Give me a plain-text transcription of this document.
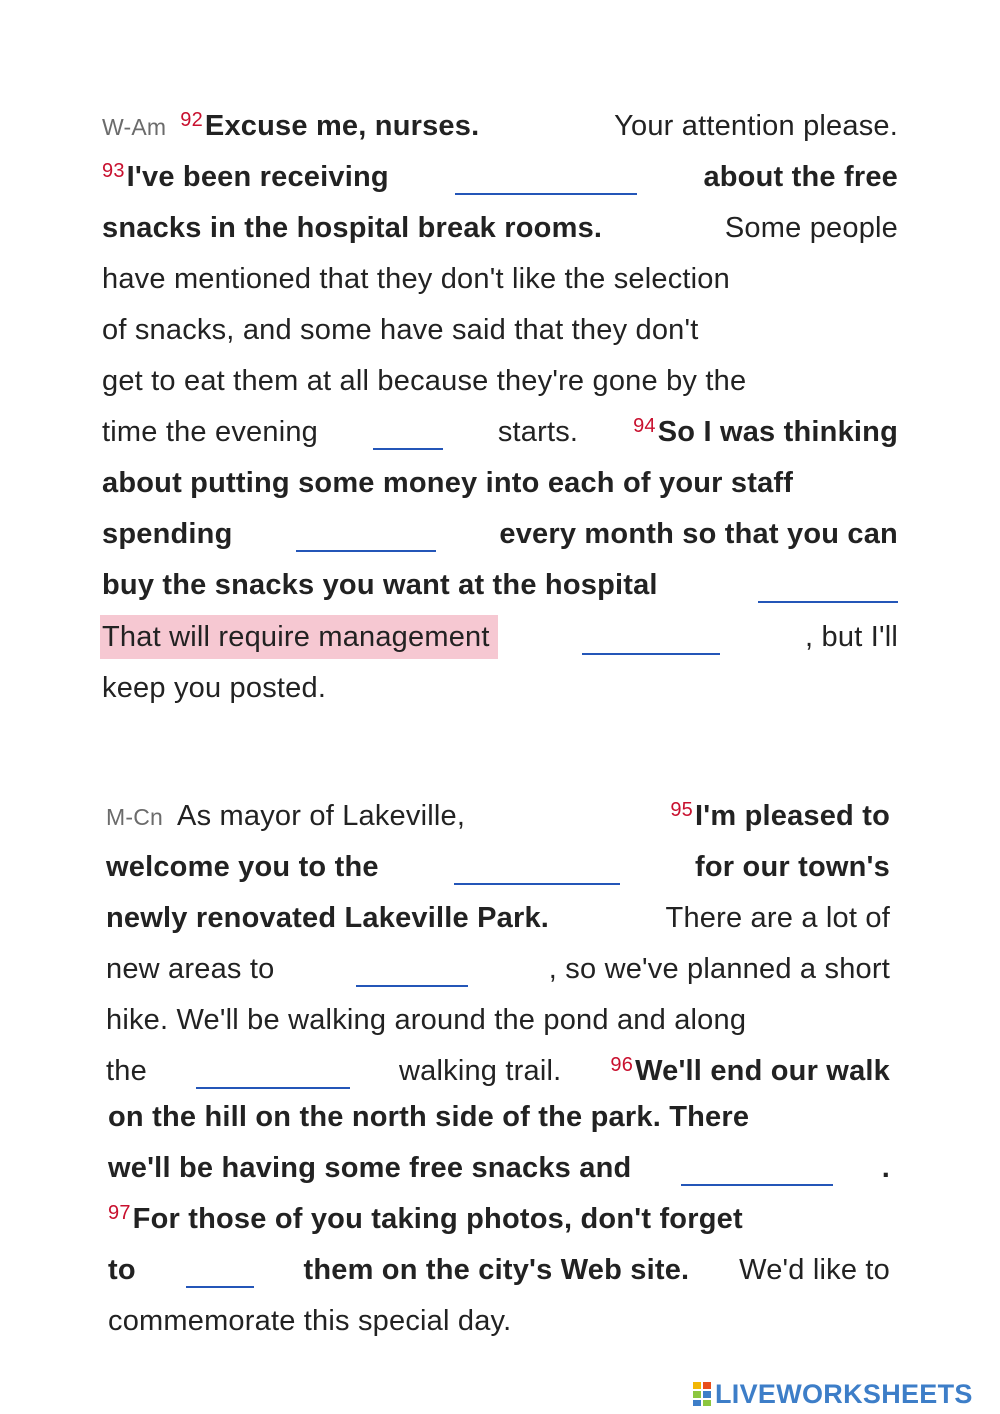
W-Am $^{92}$Excuse me, nurses.	Your attention please.
$^{93}$I've been receiving	about the free
snacks in the hospital break rooms.	Some people
have mentioned that they don't like the selection
of snacks, and some have said that they don't
get to eat them at all because they're gone by the
time the evening	starts.	$^{94}$So I was thinking
about putting some money into each of your staff
spending	every month so that you can
buy the snacks you want at the hospital
That will require management	, but I'll
keep you posted.
M-Cn As mayor of Lakeville,	$^{95}$I'm pleased to
welcome you to the	for our town's
newly renovated Lakeville Park.	There are a lot of
new areas to	, so we've planned a short
hike. We'll be walking around the pond and along
the	walking trail. $^{96}$We'll end our walk
on the hill on the north side of the park. There
we'll be having some free snacks and	.
$^{97}$For those of you taking photos, don't forget
to	them on the city's Web site. We'd like to
commemorate this special day.
LIVEWORKSHEETS
